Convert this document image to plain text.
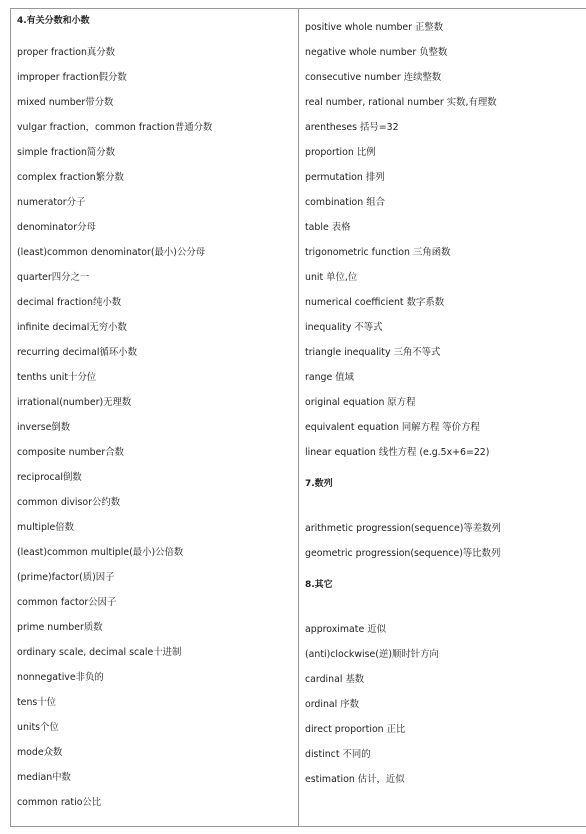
4.有关分数和小数
proper fraction真分数
improper fraction假分数
mixed number带分数
vulgar fraction，common fraction普通分数
simple fraction简分数
complex fraction繁分数
numerator分子
denominator分母
(least)common denominator(最小)公分母
quarter四分之一
decimal fraction纯小数
infinite decimal无穷小数
recurring decimal循环小数
tenths unit十分位
irrational(number)无理数
inverse倒数
composite number合数
reciprocal倒数
common divisor公约数
multiple倍数
(least)common multiple(最小)公倍数
(prime)factor(质)因子
common factor公因子
prime number质数
ordinary scale, decimal scale十进制
nonnegative非负的
tens十位
units个位
mode众数
median中数
common ratio公比

positive whole number 正整数
negative whole number 负整数
consecutive number 连续整数
real number, rational number 实数,有理数
arentheses 括号=32
proportion 比例
permutation 排列
combination 组合
table 表格
trigonometric function 三角函数
unit 单位,位
numerical coefficient 数字系数
inequality 不等式
triangle inequality 三角不等式
range 值域
original equation 原方程
equivalent equation 同解方程 等价方程
linear equation 线性方程 (e.g.5x+6=22)
7.数列
arithmetic progression(sequence)等差数列
geometric progression(sequence)等比数列
8.其它
approximate 近似
(anti)clockwise(逆)顺时针方向
cardinal 基数
ordinal 序数
direct proportion 正比
distinct 不同的
estimation 估计，近似
